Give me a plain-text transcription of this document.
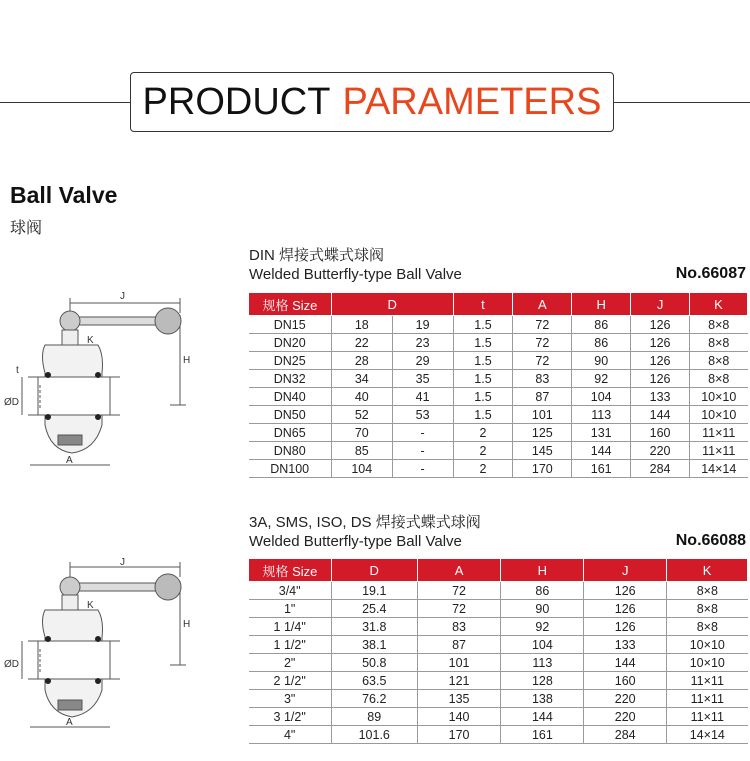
PRODUCT PARAMETERS
Ball Valve
球阀
DIN 焊接式蝶式球阀
Welded Butterfly-type Ball Valve	No.66087
规格 Size	D		t	A	H	J	K
DN15	18	19	1.5	72	86	126	8×8
DN20	22	23	1.5	72	86	126	8×8
DN25	28	29	1.5	72	90	126	8×8
DN32	34	35	1.5	83	92	126	8×8
DN40	40	41	1.5	87	104	133	10×10
DN50	52	53	1.5	101	113	144	10×10
DN65	70	-	2	125	131	160	11×11
DN80	85	-	2	145	144	220	11×11
DN100	104	-	2	170	161	284	14×14
3A, SMS, ISO, DS 焊接式蝶式球阀
Welded Butterfly-type Ball Valve	No.66088
规格 Size	D	A	H	J	K
3/4"	19.1	72	86	126	8×8
1"	25.4	72	90	126	8×8
1 1/4"	31.8	83	92	126	8×8
1 1/2"	38.1	87	104	133	10×10
2"	50.8	101	113	144	10×10
2 1/2"	63.5	121	128	160	11×11
3"	76.2	135	138	220	11×11
3 1/2"	89	140	144	220	11×11
4"	101.6	170	161	284	14×14
J
K
H
t
ØD
A
J
K
H
ØD
A
